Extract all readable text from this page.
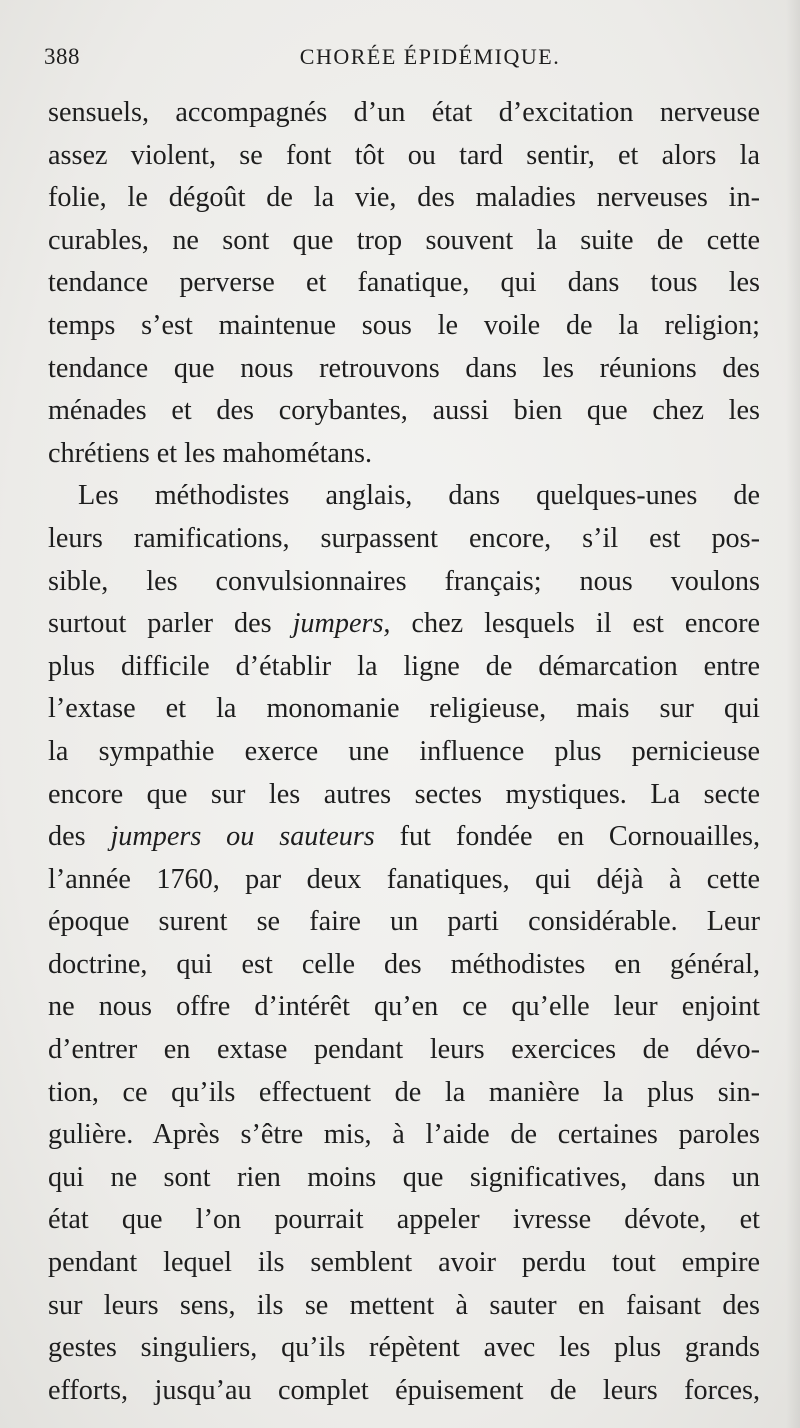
388	CHORÉE ÉPIDÉMIQUE.
sensuels, accompagnés d’un état d’excitation nerveuse
assez violent, se font tôt ou tard sentir, et alors la
folie, le dégoût de la vie, des maladies nerveuses in-
curables, ne sont que trop souvent la suite de cette
tendance perverse et fanatique, qui dans tous les
temps s’est maintenue sous le voile de la religion;
tendance que nous retrouvons dans les réunions des
ménades et des corybantes, aussi bien que chez les
chrétiens et les mahométans.
Les méthodistes anglais, dans quelques-unes de
leurs ramifications, surpassent encore, s’il est pos-
sible, les convulsionnaires français; nous voulons
surtout parler des jumpers, chez lesquels il est encore
plus difficile d’établir la ligne de démarcation entre
l’extase et la monomanie religieuse, mais sur qui
la sympathie exerce une influence plus pernicieuse
encore que sur les autres sectes mystiques. La secte
des jumpers ou sauteurs fut fondée en Cornouailles,
l’année 1760, par deux fanatiques, qui déjà à cette
époque surent se faire un parti considérable. Leur
doctrine, qui est celle des méthodistes en général,
ne nous offre d’intérêt qu’en ce qu’elle leur enjoint
d’entrer en extase pendant leurs exercices de dévo-
tion, ce qu’ils effectuent de la manière la plus sin-
gulière. Après s’être mis, à l’aide de certaines paroles
qui ne sont rien moins que significatives, dans un
état que l’on pourrait appeler ivresse dévote, et
pendant lequel ils semblent avoir perdu tout empire
sur leurs sens, ils se mettent à sauter en faisant des
gestes singuliers, qu’ils répètent avec les plus grands
efforts, jusqu’au complet épuisement de leurs forces,
